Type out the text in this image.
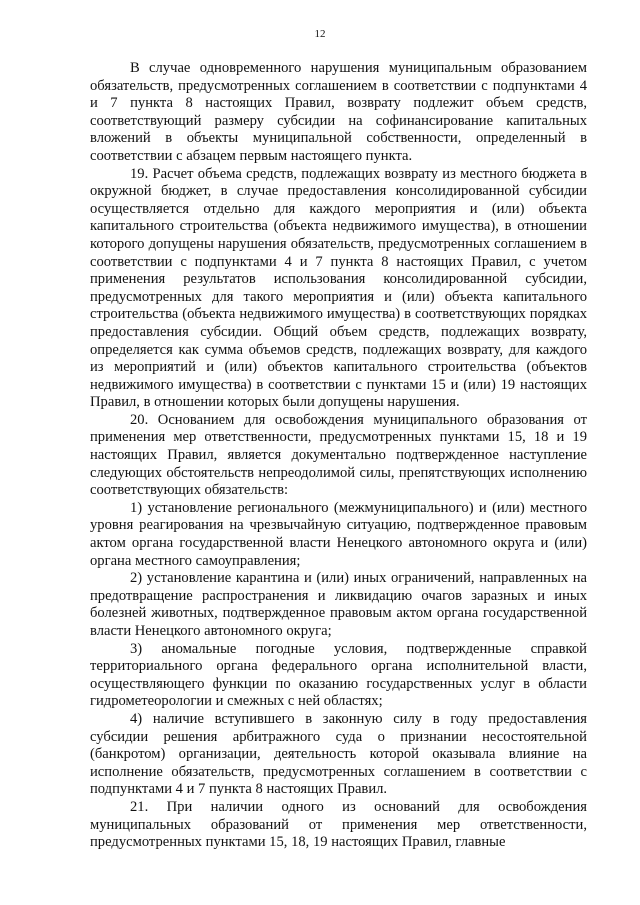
12

В случае одновременного нарушения муниципальным образованием обязательств, предусмотренных соглашением в соответствии с подпунктами 4 и 7 пункта 8 настоящих Правил, возврату подлежит объем средств, соответствующий размеру субсидии на софинансирование капитальных вложений в объекты муниципальной собственности, определенный в соответствии с абзацем первым настоящего пункта.

19. Расчет объема средств, подлежащих возврату из местного бюджета в окружной бюджет, в случае предоставления консолидированной субсидии осуществляется отдельно для каждого мероприятия и (или) объекта капитального строительства (объекта недвижимого имущества), в отношении которого допущены нарушения обязательств, предусмотренных соглашением в соответствии с подпунктами 4 и 7 пункта 8 настоящих Правил, с учетом применения результатов использования консолидированной субсидии, предусмотренных для такого мероприятия и (или) объекта капитального строительства (объекта недвижимого имущества) в соответствующих порядках предоставления субсидии. Общий объем средств, подлежащих возврату, определяется как сумма объемов средств, подлежащих возврату, для каждого из мероприятий и (или) объектов капитального строительства (объектов недвижимого имущества) в соответствии с пунктами 15 и (или) 19 настоящих Правил, в отношении которых были допущены нарушения.

20. Основанием для освобождения муниципального образования от применения мер ответственности, предусмотренных пунктами 15, 18 и 19 настоящих Правил, является документально подтвержденное наступление следующих обстоятельств непреодолимой силы, препятствующих исполнению соответствующих обязательств:

1) установление регионального (межмуниципального) и (или) местного уровня реагирования на чрезвычайную ситуацию, подтвержденное правовым актом органа государственной власти Ненецкого автономного округа и (или) органа местного самоуправления;

2) установление карантина и (или) иных ограничений, направленных на предотвращение распространения и ликвидацию очагов заразных и иных болезней животных, подтвержденное правовым актом органа государственной власти Ненецкого автономного округа;

3) аномальные погодные условия, подтвержденные справкой территориального органа федерального органа исполнительной власти, осуществляющего функции по оказанию государственных услуг в области гидрометеорологии и смежных с ней областях;

4) наличие вступившего в законную силу в году предоставления субсидии решения арбитражного суда о признании несостоятельной (банкротом) организации, деятельность которой оказывала влияние на исполнение обязательств, предусмотренных соглашением в соответствии с подпунктами 4 и 7 пункта 8 настоящих Правил.

21. При наличии одного из оснований для освобождения муниципальных образований от применения мер ответственности, предусмотренных пунктами 15, 18, 19 настоящих Правил, главные
